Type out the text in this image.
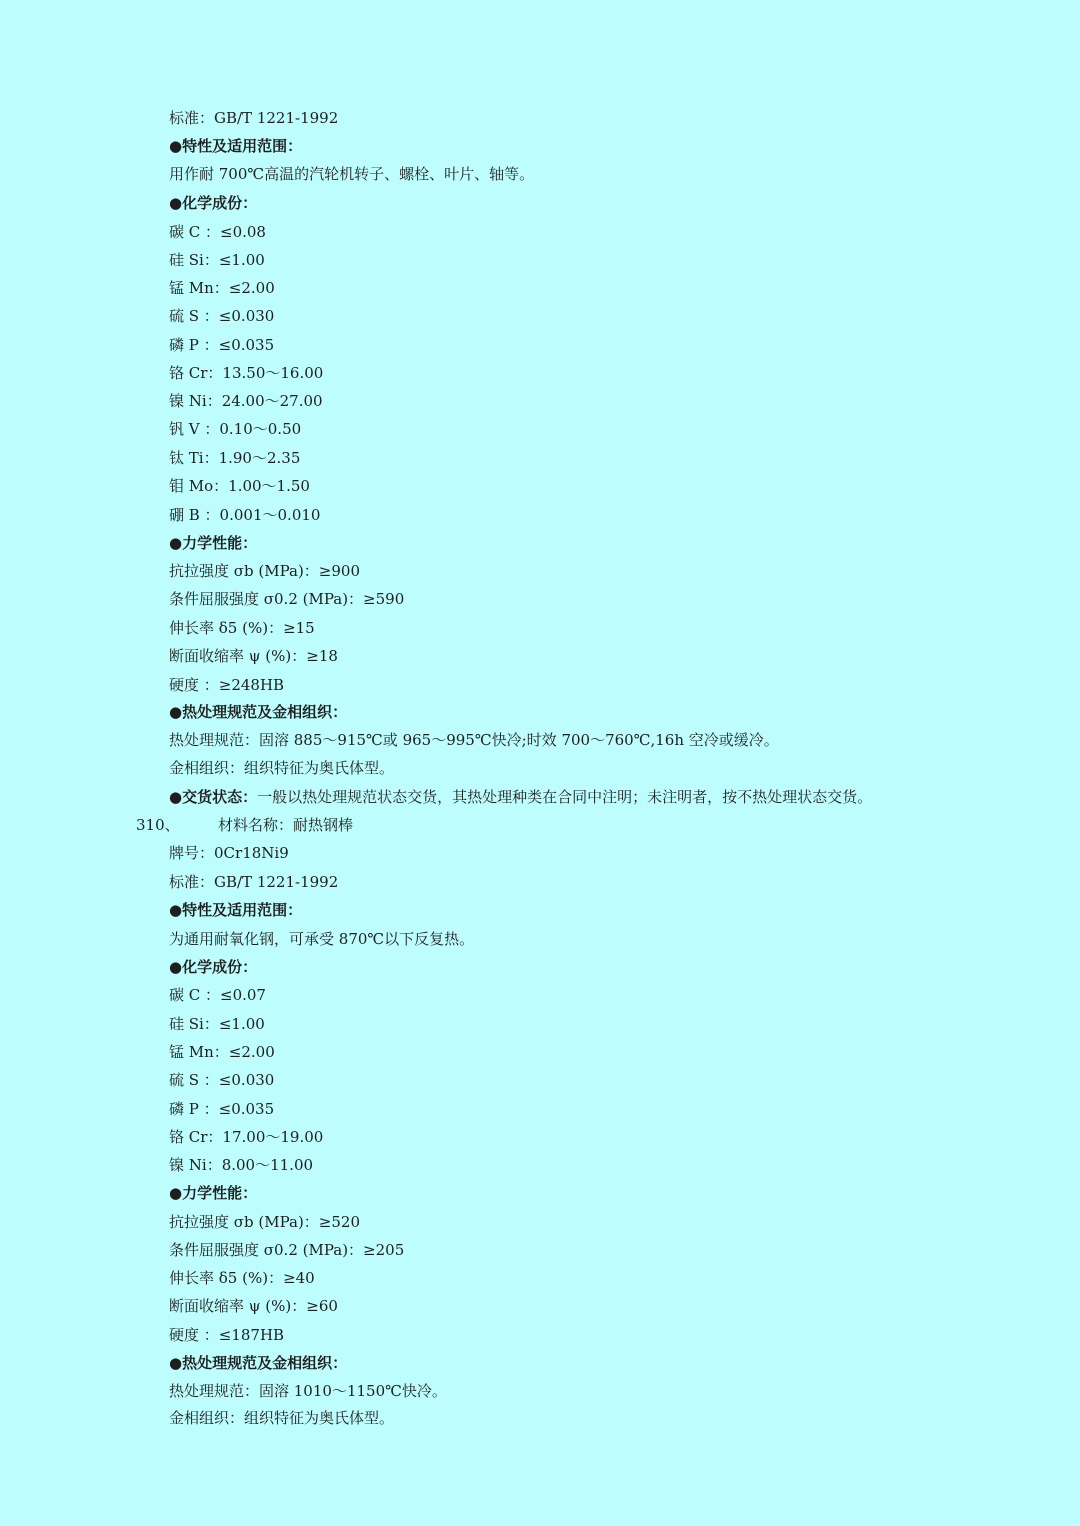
标准：GB/T 1221-1992
●特性及适用范围：
用作耐 700℃高温的汽轮机转子、螺栓、叶片、轴等。
●化学成份：
碳 C ：≤0.08
硅 Si：≤1.00
锰 Mn：≤2.00
硫 S ：≤0.030
磷 P ：≤0.035
铬 Cr：13.50～16.00
镍 Ni：24.00～27.00
钒 V ：0.10～0.50
钛 Ti：1.90～2.35
钼 Mo：1.00～1.50
硼 B ：0.001～0.010
●力学性能：
抗拉强度 σb (MPa)：≥900
条件屈服强度 σ0.2 (MPa)：≥590
伸长率 δ5 (%)：≥15
断面收缩率 ψ (%)：≥18
硬度 ：≥248HB
●热处理规范及金相组织：
热处理规范：固溶 885～915℃或 965～995℃快冷;时效 700～760℃,16h 空冷或缓冷。
金相组织：组织特征为奥氏体型。
●交货状态：一般以热处理规范状态交货，其热处理种类在合同中注明；未注明者，按不热处理状态交货。
310、	材料名称：耐热钢棒
牌号：0Cr18Ni9
标准：GB/T 1221-1992
●特性及适用范围：
为通用耐氧化钢，可承受 870℃以下反复热。
●化学成份：
碳 C ：≤0.07
硅 Si：≤1.00
锰 Mn：≤2.00
硫 S ：≤0.030
磷 P ：≤0.035
铬 Cr：17.00～19.00
镍 Ni：8.00～11.00
●力学性能：
抗拉强度 σb (MPa)：≥520
条件屈服强度 σ0.2 (MPa)：≥205
伸长率 δ5 (%)：≥40
断面收缩率 ψ (%)：≥60
硬度 ：≤187HB
●热处理规范及金相组织：
热处理规范：固溶 1010～1150℃快冷。
金相组织：组织特征为奥氏体型。
